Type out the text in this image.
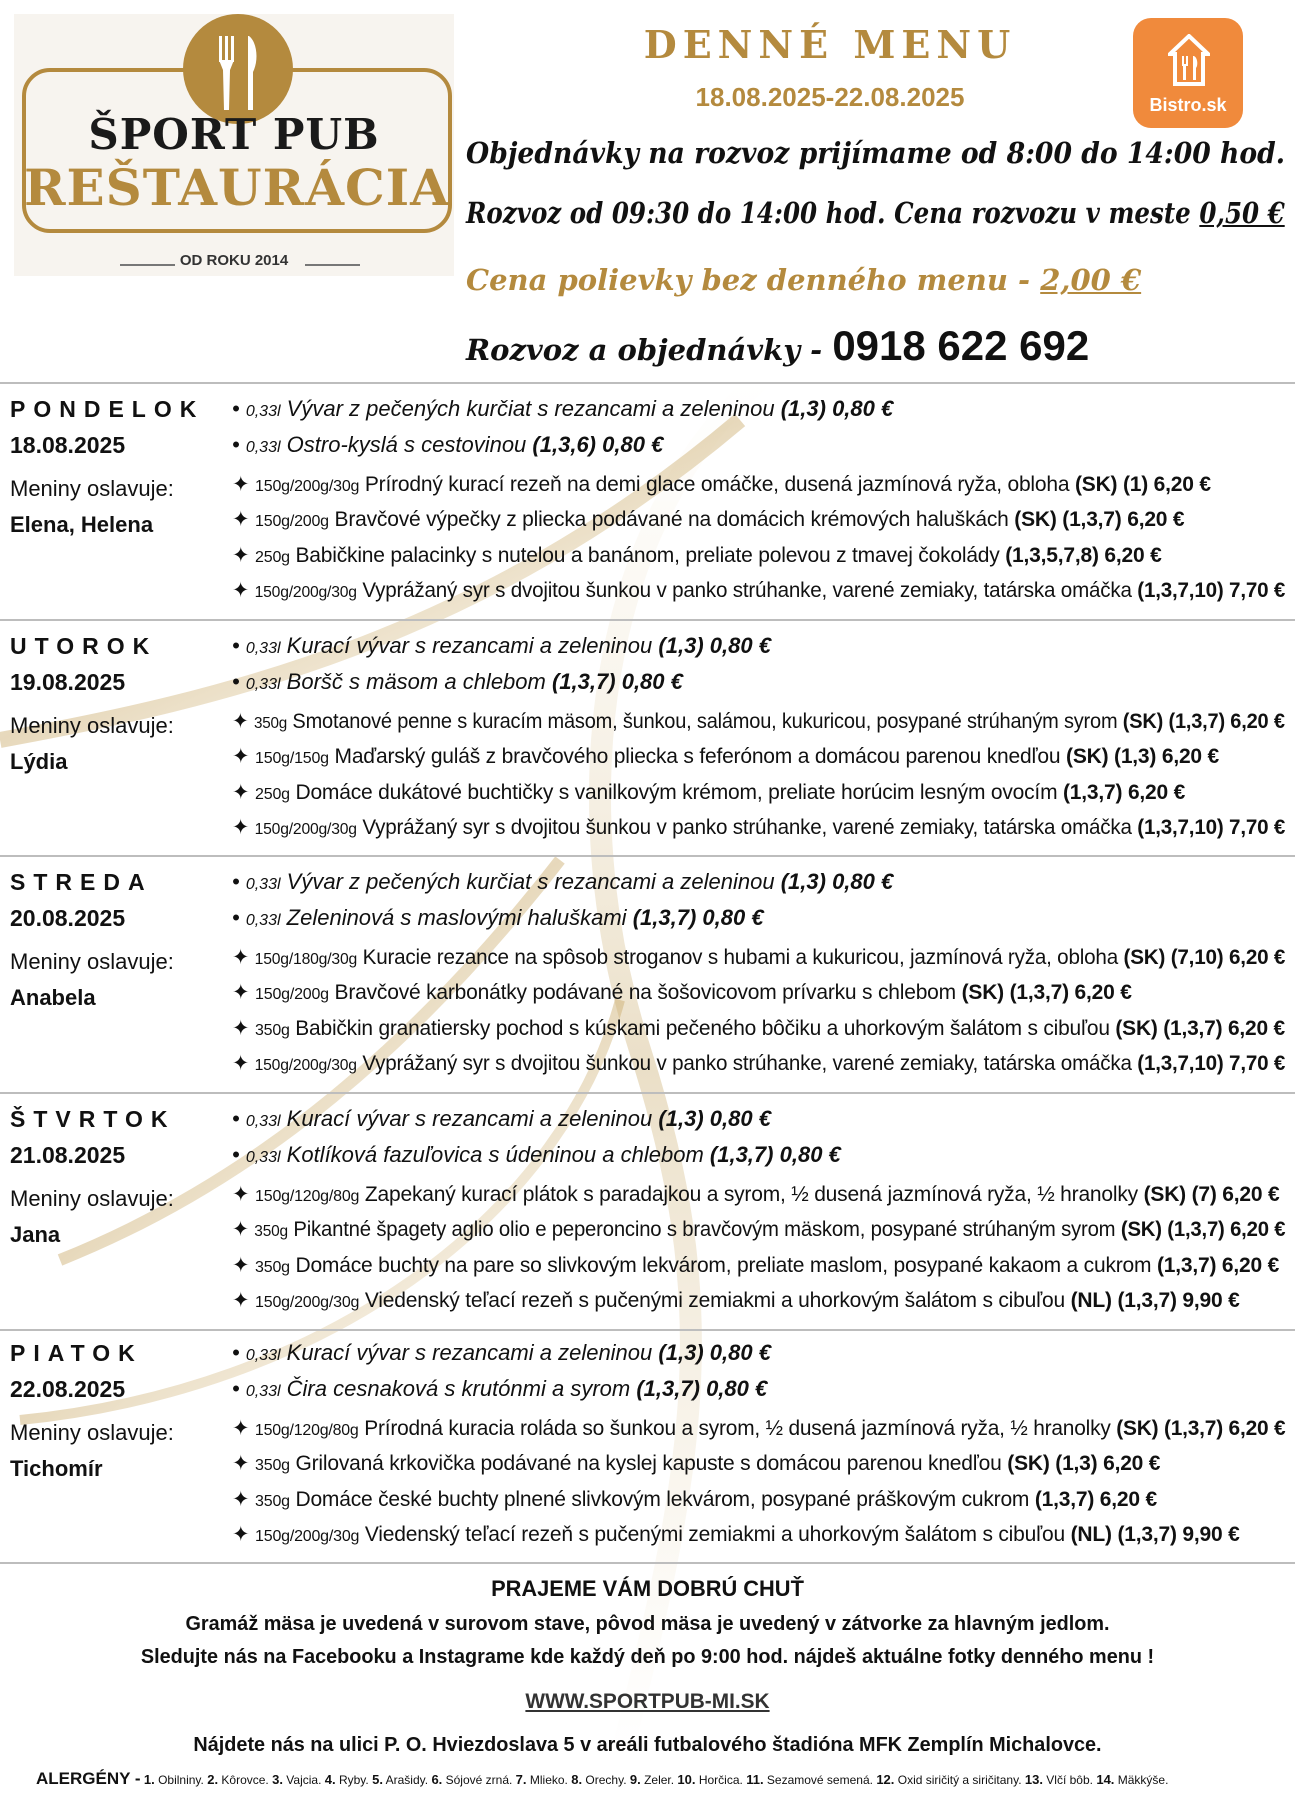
ŠPORT PUB
REŠTAURÁCIA
OD ROKU 2014
DENNÉ MENU
18.08.2025-22.08.2025	Bistro.sk
Objednávky na rozvoz prijímame od 8:00 do 14:00 hod.
Rozvoz od 09:30 do 14:00 hod. Cena rozvozu v meste 0,50 €
Cena polievky bez denného menu - 2,00 €
Rozvoz a objednávky - 0918 622 692
PONDELOK
18.08.2025
Meniny oslavuje:
Elena, Helena
• 0,33l Vývar z pečených kurčiat s rezancami a zeleninou (1,3) 0,80 €
• 0,33l Ostro-kyslá s cestovinou (1,3,6) 0,80 €
✦ 150g/200g/30g Prírodný kurací rezeň na demi glace omáčke, dusená jazmínová ryža, obloha (SK) (1) 6,20 €
✦ 150g/200g Bravčové výpečky z pliecka podávané na domácich krémových haluškách (SK) (1,3,7) 6,20 €
✦ 250g Babičkine palacinky s nutelou a banánom, preliate polevou z tmavej čokolády (1,3,5,7,8) 6,20 €
✦ 150g/200g/30g Vyprážaný syr s dvojitou šunkou v panko strúhanke, varené zemiaky, tatárska omáčka (1,3,7,10) 7,70 €
UTOROK
19.08.2025
Meniny oslavuje:
Lýdia
• 0,33l Kurací vývar s rezancami a zeleninou (1,3) 0,80 €
• 0,33l Boršč s mäsom a chlebom (1,3,7) 0,80 €
✦ 350g Smotanové penne s kuracím mäsom, šunkou, salámou, kukuricou, posypané strúhaným syrom (SK) (1,3,7) 6,20 €
✦ 150g/150g Maďarský guláš z bravčového pliecka s feferónom a domácou parenou knedľou (SK) (1,3) 6,20 €
✦ 250g Domáce dukátové buchtičky s vanilkovým krémom, preliate horúcim lesným ovocím (1,3,7) 6,20 €
✦ 150g/200g/30g Vyprážaný syr s dvojitou šunkou v panko strúhanke, varené zemiaky, tatárska omáčka (1,3,7,10) 7,70 €
STREDA
20.08.2025
Meniny oslavuje:
Anabela
• 0,33l Vývar z pečených kurčiat s rezancami a zeleninou (1,3) 0,80 €
• 0,33l Zeleninová s maslovými haluškami (1,3,7) 0,80 €
✦ 150g/180g/30g Kuracie rezance na spôsob stroganov s hubami a kukuricou, jazmínová ryža, obloha (SK) (7,10) 6,20 €
✦ 150g/200g Bravčové karbonátky podávané na šošovicovom prívarku s chlebom (SK) (1,3,7) 6,20 €
✦ 350g Babičkin granatiersky pochod s kúskami pečeného bôčiku a uhorkovým šalátom s cibuľou (SK) (1,3,7) 6,20 €
✦ 150g/200g/30g Vyprážaný syr s dvojitou šunkou v panko strúhanke, varené zemiaky, tatárska omáčka (1,3,7,10) 7,70 €
ŠTVRTOK
21.08.2025
Meniny oslavuje:
Jana
• 0,33l Kurací vývar s rezancami a zeleninou (1,3) 0,80 €
• 0,33l Kotlíková fazuľovica s údeninou a chlebom (1,3,7) 0,80 €
✦ 150g/120g/80g Zapekaný kurací plátok s paradajkou a syrom, ½ dusená jazmínová ryža, ½ hranolky (SK) (7) 6,20 €
✦ 350g Pikantné špagety aglio olio e peperoncino s bravčovým mäskom, posypané strúhaným syrom (SK) (1,3,7) 6,20 €
✦ 350g Domáce buchty na pare so slivkovým lekvárom, preliate maslom, posypané kakaom a cukrom (1,3,7) 6,20 €
✦ 150g/200g/30g Viedenský teľací rezeň s pučenými zemiakmi a uhorkovým šalátom s cibuľou (NL) (1,3,7) 9,90 €
PIATOK
22.08.2025
Meniny oslavuje:
Tichomír
• 0,33l Kurací vývar s rezancami a zeleninou (1,3) 0,80 €
• 0,33l Čira cesnaková s krutónmi a syrom (1,3,7) 0,80 €
✦ 150g/120g/80g Prírodná kuracia roláda so šunkou a syrom, ½ dusená jazmínová ryža, ½ hranolky (SK) (1,3,7) 6,20 €
✦ 350g Grilovaná krkovička podávané na kyslej kapuste s domácou parenou knedľou (SK) (1,3) 6,20 €
✦ 350g Domáce české buchty plnené slivkovým lekvárom, posypané práškovým cukrom (1,3,7) 6,20 €
✦ 150g/200g/30g Viedenský teľací rezeň s pučenými zemiakmi a uhorkovým šalátom s cibuľou (NL) (1,3,7) 9,90 €
PRAJEME VÁM DOBRÚ CHUŤ
Gramáž mäsa je uvedená v surovom stave, pôvod mäsa je uvedený v zátvorke za hlavným jedlom.
Sledujte nás na Facebooku a Instagrame kde každý deň po 9:00 hod. nájdeš aktuálne fotky denného menu !
WWW.SPORTPUB-MI.SK
Nájdete nás na ulici P. O. Hviezdoslava 5 v areáli futbalového štadióna MFK Zemplín Michalovce.
ALERGÉNY - 1. Obilniny. 2. Kôrovce. 3. Vajcia. 4. Ryby. 5. Arašidy. 6. Sójové zrná. 7. Mlieko. 8. Orechy. 9. Zeler. 10. Horčica. 11. Sezamové semená. 12. Oxid siričitý a siričitany. 13. Vlčí bôb. 14. Mäkkýše.
